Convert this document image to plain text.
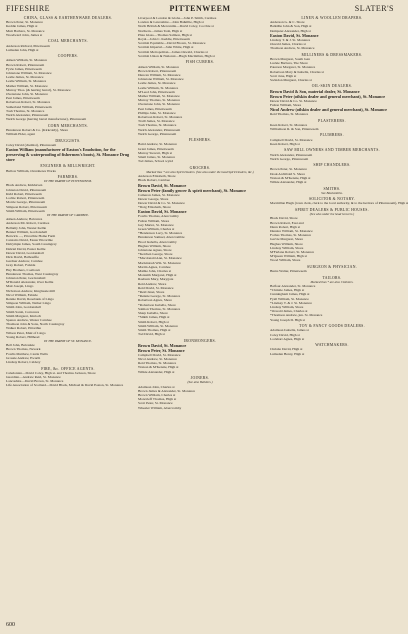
FIFESHIRE	PITTENWEEM	SLATER'S
CHINA, GLASS & EARTHENWARE DEALERS.
Brown Peter, St. Monance
Keddie James, High st
Muir Barbara, St. Monance
Woodward John, James st
COAL MERCHANTS.
Anderson Richard, Pittenweem
Lumsden John, High st
COOPERS.
Aitken William, St. Monance
Brown Robert, Pittenweem
Fyvie James, Pittenweem
Johnstone William, St. Monance
Leslie James, St. Monance
Leslie William, St. Monance
Mather William, St. Monance
Murray Thos. (& herring barrel), St. Monance
Ovenstone John, St. Monance
Peat James, Pittenweem
Robertson Robert, St. Monance
Sutherland William, Pittenweem
Tosh Thomas, St. Monance
Welch Alexander, Pittenweem
Welch George (herring barrel manufacturer), Pittenweem
CORN MERCHANTS.
Henderson Robert & Co. (Kirkcaldy), Shore
William Elder, agent
DRUGGISTS.
Coley David (chemist), Pittenweem
Easton William (manufacturer of Easton's Emolution, for the preserving & waterproofing of fishermen's boots), St. Monance Drug store
ENGINEER & MILLWRIGHT.
Bullow William, Oversheres Works
FARMERS.
IN THE PARISH OF PITTENWEEM.
Black Andrew, Kirkhaven
Johnston David, Pittenweem
Kidd Robert, Pittenweem
Lochie Robert, Pittenweem
Morrie George, Pittenweem
Simpson Robert, Pittenweem
Smith William, Pittenweem
IN THE PARISH OF CARNBEE.
Aitken Andrew, Balcarres
Anderson Mr. Robert, Carnbee
Bellamy John, Wester Kellie
Bennet William, Gordonshall
Berwick —, Pitcorthie Home Farm
Carstairs David, Easter Pitcorthie
Dalrymple James, South Cassingray
Dalziel David, Easter Kellie
Dewar David, Gordonshall
Dick David, Balhouffie
Gardner Andrew, Carnbee
Gray Robert, Falside
Hay Brothers, Coaltown
Henderson Thomas, West Cassingray
Johnston Peter, Gordonshall
M'Donald Alexander, Over Kellie
Mair Joseph, Lingo
Nicholson Andrew, Kinglassie mill
Nicol William, Falside
Rennie David, Rosebank of Lingo
Simpson William, Nether Lingo
Smith John, Gordonshall
Smith Sarah, Cornceres
Smith Margaret, Kinloch
Spence Andrew, Wester Carnbee
Thomson John & Sons, North Cassingray
Walker Robert, Pittarthie
Wilson Peter, Muir of Lingo
Young Robert, Hillhead
IN THE PARISH OF ST. MONANCE.
Bell John, Balcaskie
Brown Thomas, Newark
Fowlis Matthew, Castle Wells
Grossie Andrew, Ewarth
Lindsay Robert, Caldery
FIRE, &c. OFFICE AGENTS.
Caledonian—David Coley, High st. and Thomas Jackson, Shore
Guardian—Andrew Reid, St. Monance
Lancashire—David Brown, St. Monance
Life Association of Scotland—David Black, Michael & David Easton, St. Monance
Liverpool & London & Globe—John P. Smith, Carnbee
London & Lancashire—John Balkillie, High st
North British & Mercantile—David Coley, Cocchie st
Northern—James Tosh, High st
Plate Glass—Thomas Salmon, High st
Royal—John C. Keddie, Pittenweem
Scottish Equitable—David Brown, St. Monance
Scottish Imperial—John White, High st
Scottish Metropolitan—James Oswald, Charles st
Scottish Union & National—Hugh Macmillan, High st
FISH CURERS.
Aitken William, St. Monance
Brown Robert, Pittenweem
Duncan William, St. Monance
Johnstone William, St. Monance
Leslie James, St. Monance
Leslie William, St. Monance
M'Leod John, Pittenweem
Mather William, St. Monance
Murray Thomas, St. Monance
Ovenstone John, St. Monance
Peat James, Pittenweem
Phillips John, St. Monance
Robertson Robert, St. Monance
Traill James, St. Monance
Tosh Thomas, St. Monance
Welch Alexander, Pittenweem
Welch George, Pittenweem
FLESHERS.
Baird Andrew, St. Monance
Grant James, Pittenweem
Murray Stewart, High st
Smail James, St. Monance
Tod James, School wynd
GROCERS.
Marked thus * are also Spirit Dealers. (See also under the head Spirit Dealers, &c.)
Anderson Elizabeth, Shore
Black Robert, Carnbee
Brown David, St. Monance
Brown Peter (family grocer & spirit merchant), St. Monance
Cameron James, St. Monance
Dewar George, Shore
Dewar David & Co. St. Monance
*Doig Elizabeth, Shore
Easton David, St. Monance
Fowlis Thomas, Abercromby
Fulton William, Shore
Gay Mariot, St. Monance
Green William, Charles st
*Henderson Lucy, St. Monance
Henderson Samuel, Abercrombie
Hood Isabella, Abercromby
Hughes William, Shore
Johnstone Agnes, Shore
*Ketchen George, Shore
*Macdonald Ann, St. Monance
Mackintosh Wm. St. Monance
Martin Agnes, Carnbee
Mathie John, Charles st
Monteith Margaret, High st
Raeburn Mary, Marygate
Reid Andrew, Shore
Reid David, St. Monance
*Reid Janet, Shore
*Rennie George, St. Monance
Robertson Agnes, Shore
*Robertson Isabella, Shore
Salmon Thomas, St. Monance
Sharp Isabella, Shore
*Smith James, High st
Smith Robert, High st
Smith William, St. Monance
Smith Thomas, High st
Tod David, High st
IRONMONGERS.
Brown David, St. Monance
Brown Peter, St. Monance
Campbell David, St. Monance
Nicol Andrew, St. Monance
Reid Thomas, St. Monance
Watson & M'Kenzie, High st
Wilkie Alexander, High st
JOINERS.
(See also Builders.)
Adamson John, Charles st
Brown James & Alexander, St. Monance
Brown William, Charles st
Moncrieff Thomas, High st
Scott Peter, St. Monance
Wheeler William, Abercromby
LINEN & WOOLLEN DRAPERS.
Anderson G. & C. Shore
Balkillie John & Son, High st
Dempster Alexander, High st
Easton David, St. Monance
Lindsay T. & J. St. Monance
Oswald James, Charles st
Thomson Andrew, St. Monance
MILLINERS & DRESSMAKERS.
Brown Margaret, South loan
Luckie Barbara, The Shore
Paterson Margaret, St. Monance
Robertson Mary & Isabella, Charles st
Scott Jane, High st
Swindon Margaret, Charles st
OIL-SKIN DEALERS.
Brown David & Son, material dealer, St. Monance
Brown Peter (oilskin dealer and general merchant), St. Monance
Dewar David & Co. St. Monance
Fulton William, Shore
Nicol Andrew (oilskin dealer and general merchant), St. Monance
Reid Thomas, St. Monance
PLASTERERS.
Keen Robert, St. Monance
Williamson R. & Son, Pittenweem
PLUMBERS.
Campbell David, St. Monance
Keen Robert, High st
SAW MILL OWNERS AND TIMBER MERCHANTS.
Welch Alexander, Pittenweem
Welch George, Pittenweem
SHIP CHANDLERS.
Brown Peter, St. Monance
Doak Archibald S. Shore
Watson & M'Kenzie, High st
Wilkie Alexander, High st
SMITHS.
See Blacksmiths.
SOLICITOR & NOTARY.
Macmillan Hugh (town clerk, clerk to the local authority, & to the heritors of Pittenweem), High st
SPIRIT DEALERS & PUBLIC HOUSES.
(See also under the head Grocers.)
Black David, Shore
Brown Robert, East end
Dunn Robert, High st
Dunsire William, St. Monance
Forbes Thomas, St. Monance
Garvie Margaret, Shore
Hughes William, Shore
Lindsay William, Shore
M'Farlane Robert, St. Monance
M'Queen William, High st
Wood William, Shore
SURGEON & PHYSICIAN.
Burns Walter, Pittenweem
TAILORS.
Marked thus * are also Clothiers.
Balfour Alexander, St. Monance
*Christie James, High st
Cunningham James, High st
Fyall William, St. Monance
*Lindsay T. & J. St. Monance
Lindsay William, Shore
*Oswald James, Charles st
*Thomson Andrew, jun. St. Monance
Young Joseph D. High st
TOY & FANCY GOODS DEALERS.
Adamson Isabella, James st
Coley David, High st
Lockhart Agnes, High st
WATCHMAKERS.
Christie David, High st
Lumsden Henry, High st
600
